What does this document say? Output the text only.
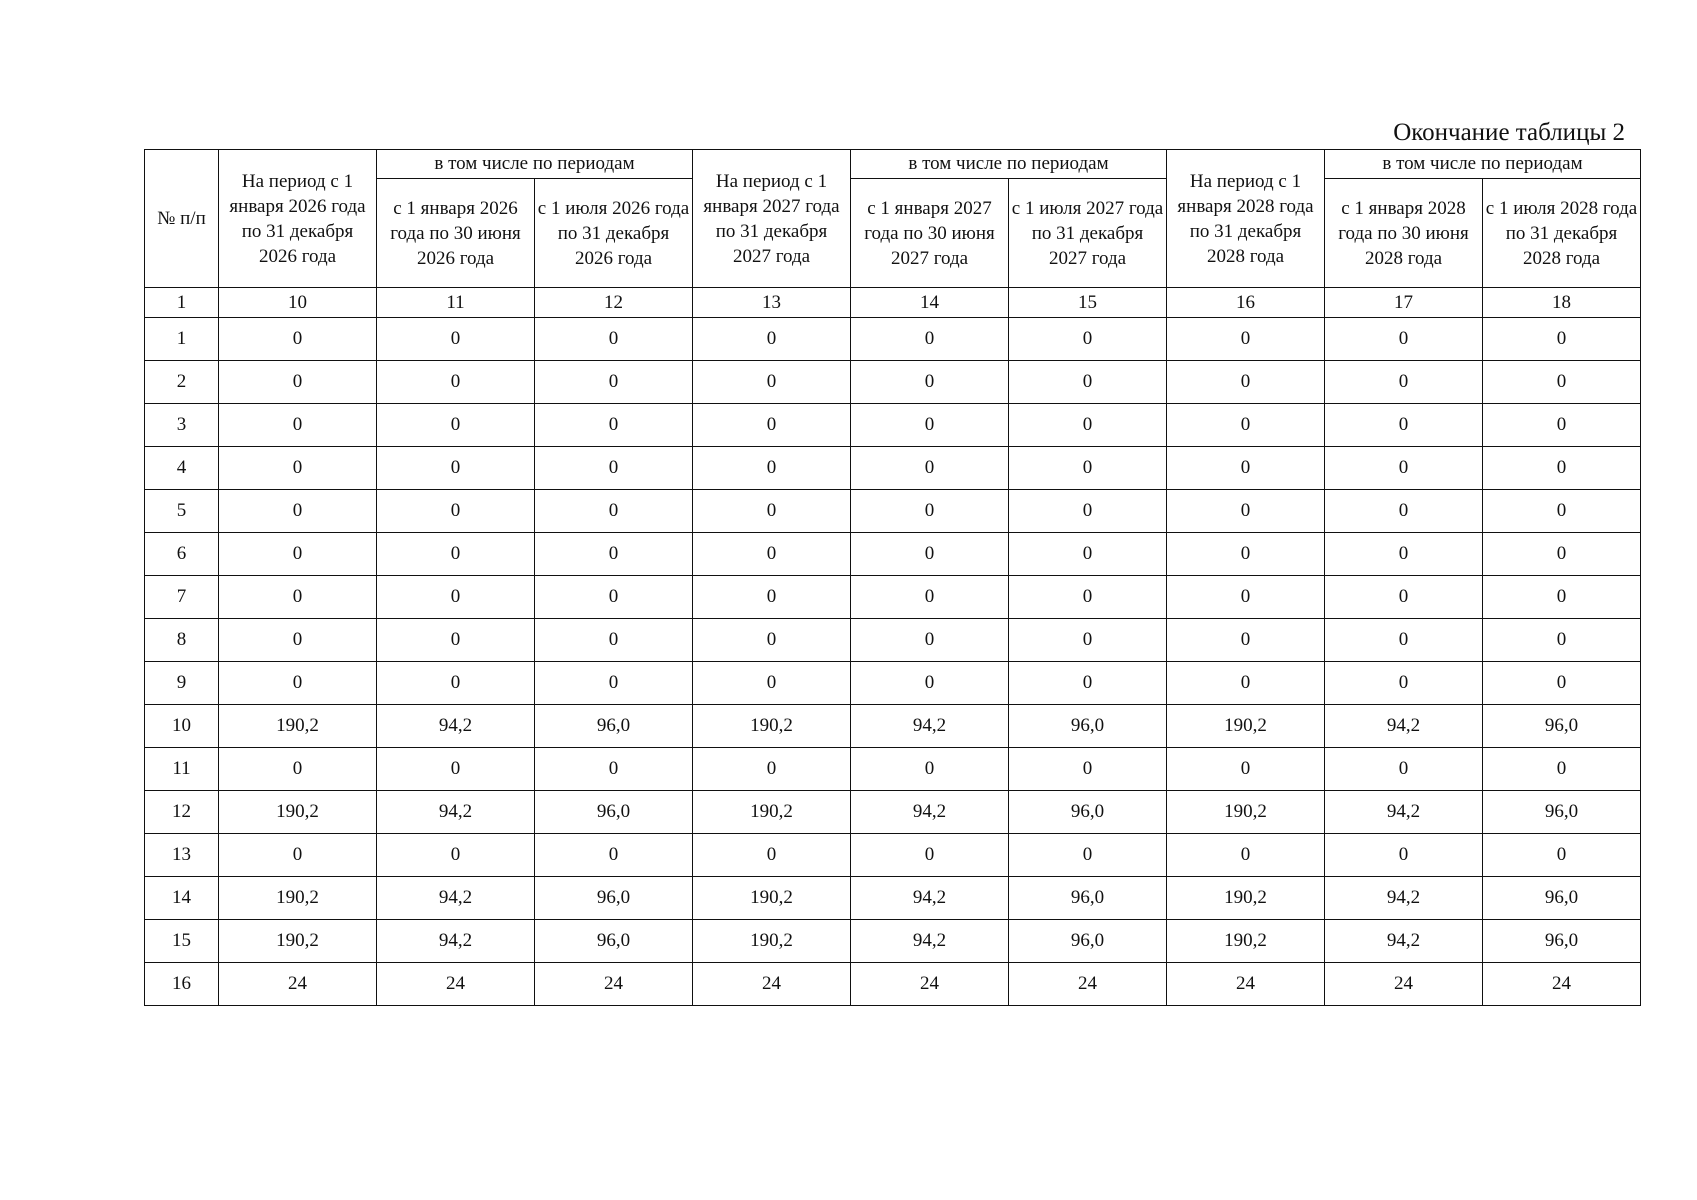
Окончание таблицы 2
№ п/п	На период с 1 января 2026 года по 31 декабря 2026 года	в том числе по периодам		На период с 1 января 2027 года по 31 декабря 2027 года	в том числе по периодам		На период с 1 января 2028 года по 31 декабря 2028 года	в том числе по периодам	

		с 1 января 2026 года по 30 июня 2026 года	с 1 июля 2026 года по 31 декабря 2026 года		с 1 января 2027 года по 30 июня 2027 года	с 1 июля 2027 года по 31 декабря 2027 года		с 1 января 2028 года по 30 июня 2028 года	с 1 июля 2028 года по 31 декабря 2028 года

1	10	11	12	13	14	15	16	17	18
1	0	0	0	0	0	0	0	0	0
2	0	0	0	0	0	0	0	0	0
3	0	0	0	0	0	0	0	0	0
4	0	0	0	0	0	0	0	0	0
5	0	0	0	0	0	0	0	0	0
6	0	0	0	0	0	0	0	0	0
7	0	0	0	0	0	0	0	0	0
8	0	0	0	0	0	0	0	0	0
9	0	0	0	0	0	0	0	0	0
10	190,2	94,2	96,0	190,2	94,2	96,0	190,2	94,2	96,0
11	0	0	0	0	0	0	0	0	0
12	190,2	94,2	96,0	190,2	94,2	96,0	190,2	94,2	96,0
13	0	0	0	0	0	0	0	0	0
14	190,2	94,2	96,0	190,2	94,2	96,0	190,2	94,2	96,0
15	190,2	94,2	96,0	190,2	94,2	96,0	190,2	94,2	96,0
16	24	24	24	24	24	24	24	24	24
